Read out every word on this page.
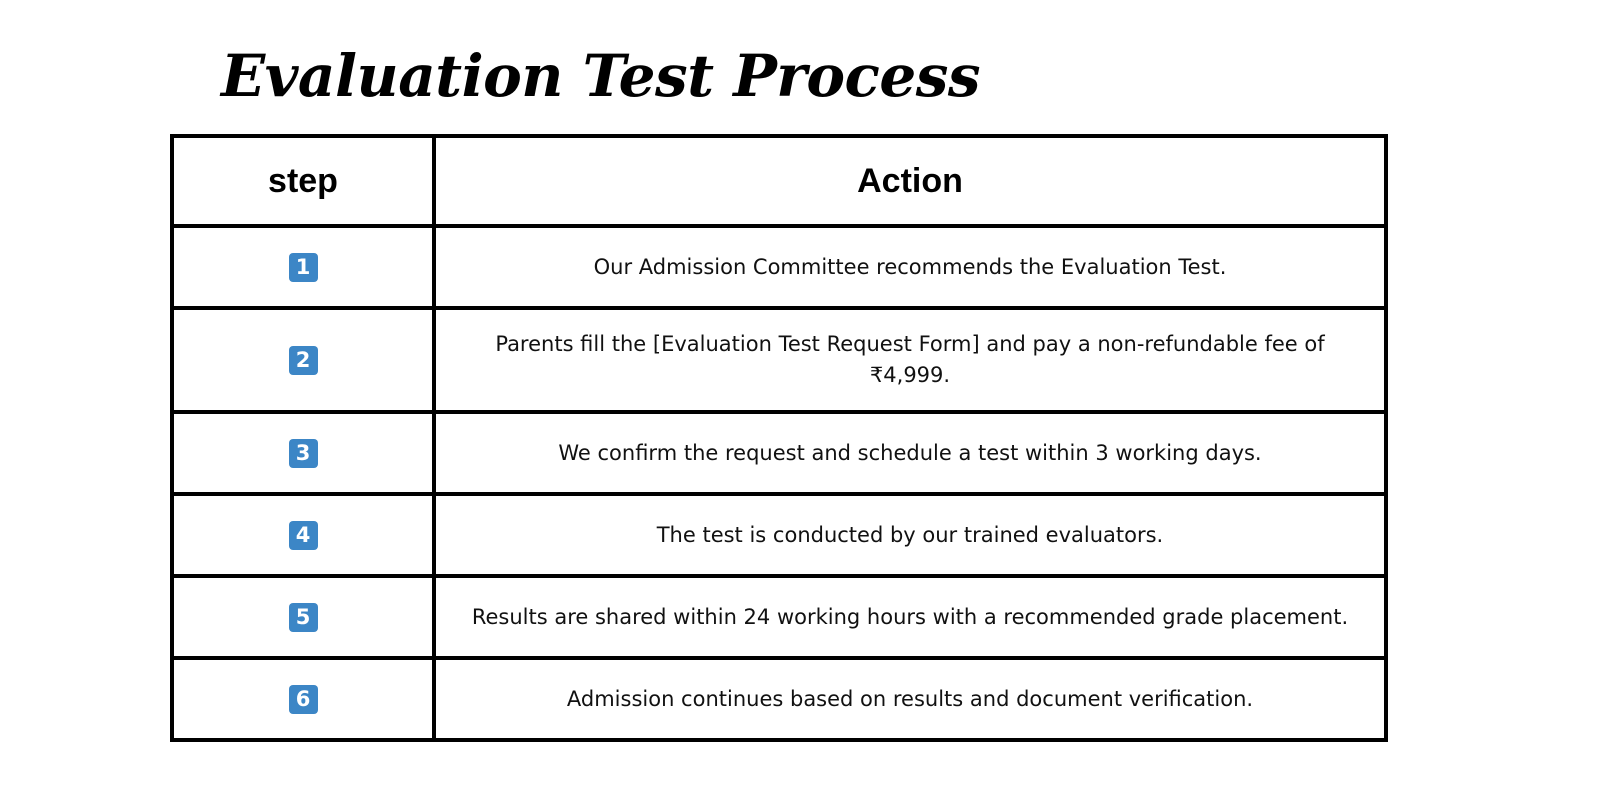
Evaluation Test Process
step	Action
1	Our Admission Committee recommends the Evaluation Test.
2	Parents fill the [Evaluation Test Request Form] and pay a non-refundable fee of ₹4,999.
3	We confirm the request and schedule a test within 3 working days.
4	The test is conducted by our trained evaluators.
5	Results are shared within 24 working hours with a recommended grade placement.
6	Admission continues based on results and document verification.
